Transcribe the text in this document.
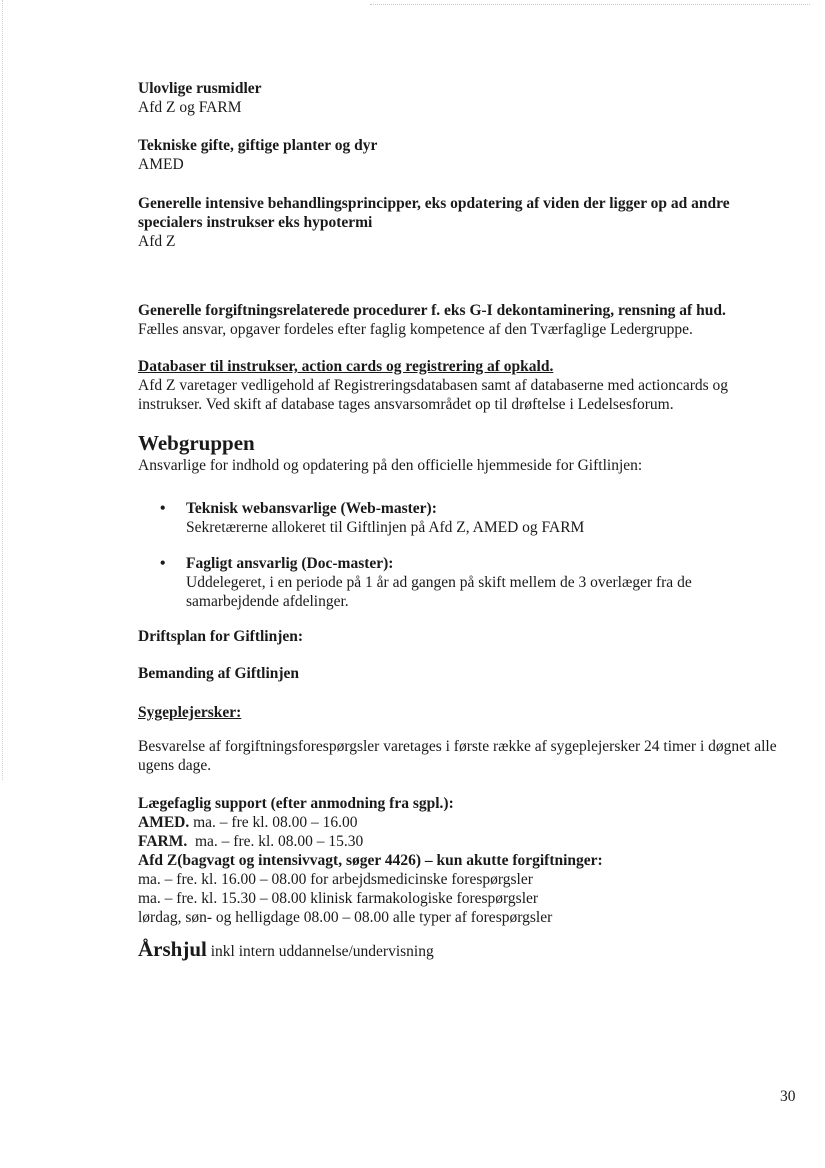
Ulovlige rusmidler
Afd Z og FARM
Tekniske gifte, giftige planter og dyr
AMED
Generelle intensive behandlingsprincipper, eks opdatering af viden der ligger op ad andre specialers instrukser eks hypotermi
Afd Z
Generelle forgiftningsrelaterede procedurer f. eks G-I dekontaminering, rensning af hud.
Fælles ansvar, opgaver fordeles efter faglig kompetence af den Tværfaglige Ledergruppe.
Databaser til instrukser, action cards og registrering af opkald.
Afd Z varetager vedligehold af Registreringsdatabasen samt af databaserne med actioncards og instrukser. Ved skift af database tages ansvarsområdet op til drøftelse i Ledelsesforum.
Webgruppen
Ansvarlige for indhold og opdatering på den officielle hjemmeside for Giftlinjen:
• Teknisk webansvarlige (Web-master):
Sekretærerne allokeret til Giftlinjen på Afd Z, AMED og FARM
• Fagligt ansvarlig (Doc-master):
Uddelegeret, i en periode på 1 år ad gangen på skift mellem de 3 overlæger fra de samarbejdende afdelinger.
Driftsplan for Giftlinjen:
Bemanding af Giftlinjen
Sygeplejersker:
Besvarelse af forgiftningsforespørgsler varetages i første række af sygeplejersker 24 timer i døgnet alle ugens dage.
Lægefaglig support (efter anmodning fra sgpl.):
AMED. ma. – fre kl. 08.00 – 16.00
FARM.  ma. – fre. kl. 08.00 – 15.30
Afd Z(bagvagt og intensivvagt, søger 4426) – kun akutte forgiftninger:
ma. – fre. kl. 16.00 – 08.00 for arbejdsmedicinske forespørgsler
ma. – fre. kl. 15.30 – 08.00 klinisk farmakologiske forespørgsler
lørdag, søn- og helligdage 08.00 – 08.00 alle typer af forespørgsler
Årshjul inkl intern uddannelse/undervisning
30
